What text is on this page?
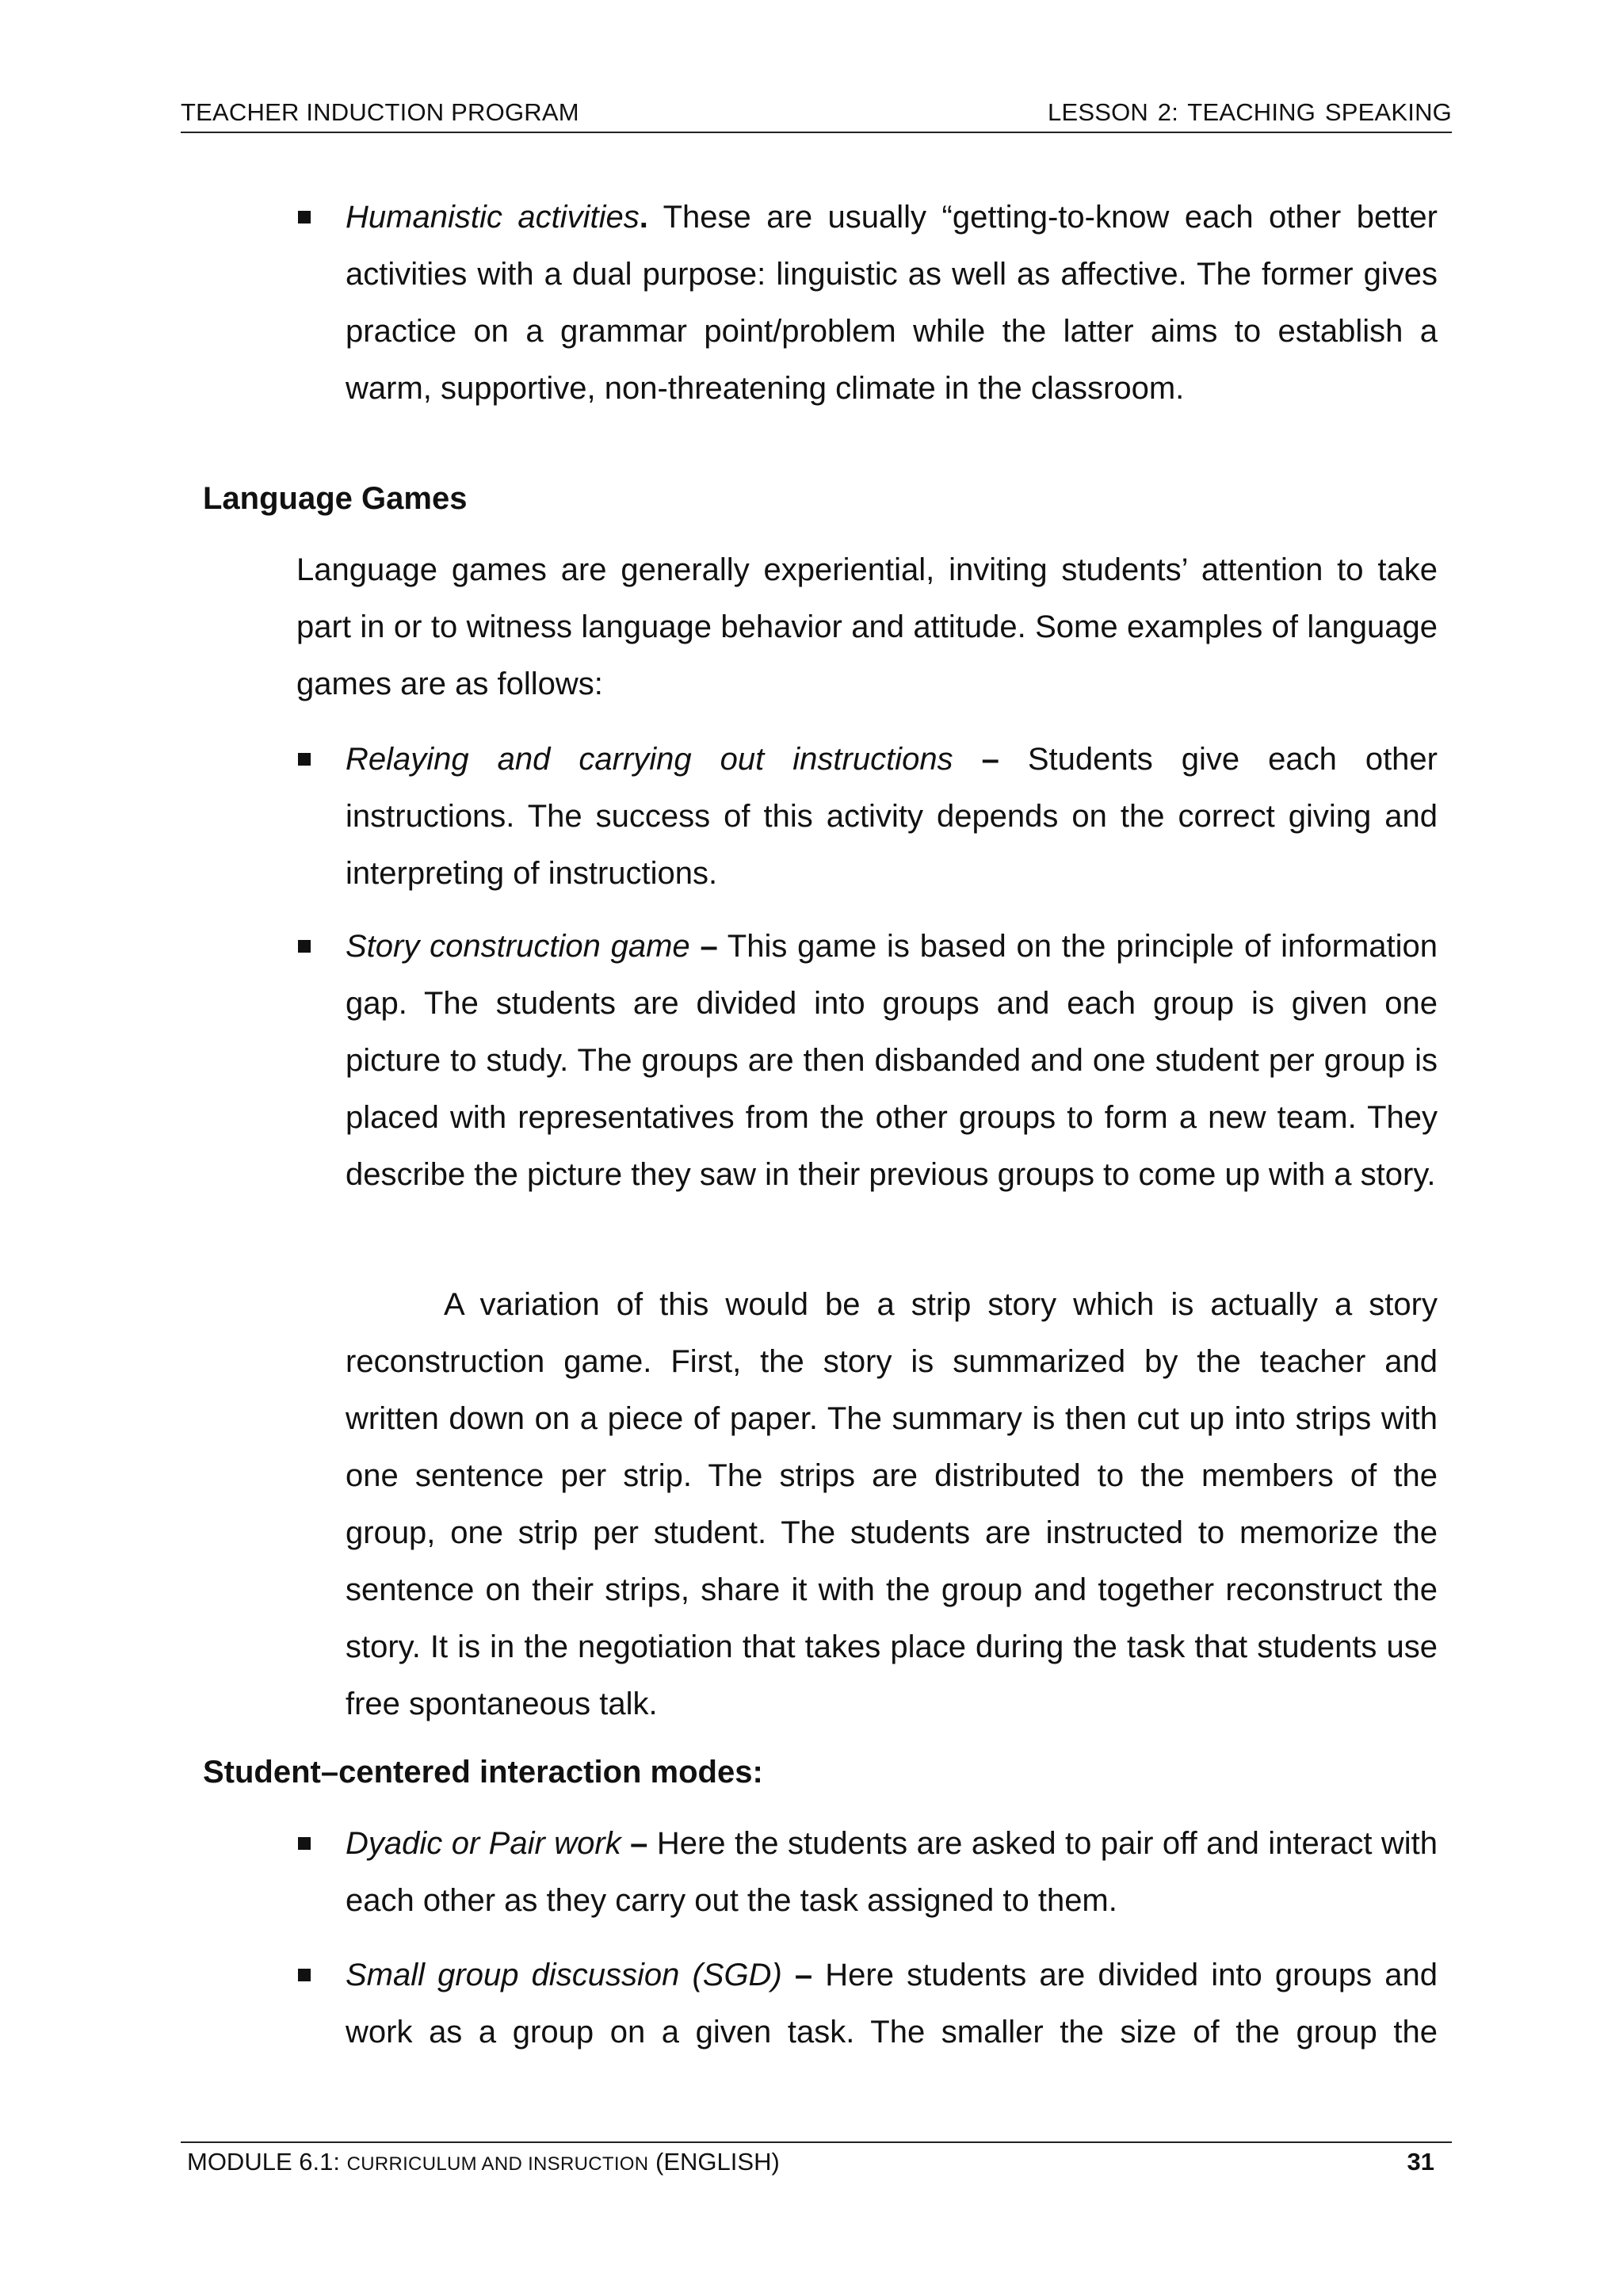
TEACHER INDUCTION PROGRAM	LESSON 2: TEACHING SPEAKING
Humanistic activities. These are usually “getting-to-know each other better activities with a dual purpose: linguistic as well as affective. The former gives practice on a grammar point/problem while the latter aims to establish a warm, supportive, non-threatening climate in the classroom.
Language Games
Language games are generally experiential, inviting students’ attention to take part in or to witness language behavior and attitude. Some examples of language games are as follows:
Relaying and carrying out instructions – Students give each other instructions. The success of this activity depends on the correct giving and interpreting of instructions.
Story construction game – This game is based on the principle of information gap. The students are divided into groups and each group is given one picture to study. The groups are then disbanded and one student per group is placed with representatives from the other groups to form a new team. They describe the picture they saw in their previous groups to come up with a story.
A variation of this would be a strip story which is actually a story reconstruction game. First, the story is summarized by the teacher and written down on a piece of paper. The summary is then cut up into strips with one sentence per strip. The strips are distributed to the members of the group, one strip per student. The students are instructed to memorize the sentence on their strips, share it with the group and together reconstruct the story. It is in the negotiation that takes place during the task that students use free spontaneous talk.
Student–centered interaction modes:
Dyadic or Pair work – Here the students are asked to pair off and interact with each other as they carry out the task assigned to them.
Small group discussion (SGD) – Here students are divided into groups and work as a group on a given task. The smaller the size of the group the
MODULE 6.1: CURRICULUM AND INSRUCTION (ENGLISH)	31
